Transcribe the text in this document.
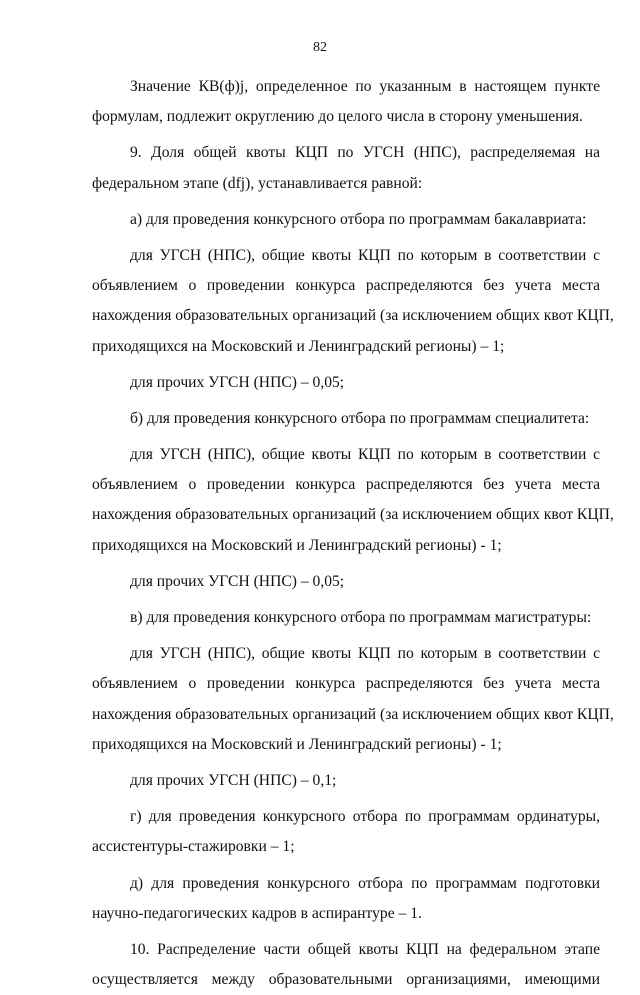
82
Значение КВ(ф)j, определенное по указанным в настоящем пункте
формулам, подлежит округлению до целого числа в сторону уменьшения.
9. Доля общей квоты КЦП по УГСН (НПС), распределяемая на
федеральном этапе (dfj), устанавливается равной:
а) для проведения конкурсного отбора по программам бакалавриата:
для УГСН (НПС), общие квоты КЦП по которым в соответствии с
объявлением о проведении конкурса распределяются без учета места
нахождения образовательных организаций (за исключением общих квот КЦП,
приходящихся на Московский и Ленинградский регионы) – 1;
для прочих УГСН (НПС) – 0,05;
б) для проведения конкурсного отбора по программам специалитета:
для УГСН (НПС), общие квоты КЦП по которым в соответствии с
объявлением о проведении конкурса распределяются без учета места
нахождения образовательных организаций (за исключением общих квот КЦП,
приходящихся на Московский и Ленинградский регионы) - 1;
для прочих УГСН (НПС) – 0,05;
в) для проведения конкурсного отбора по программам магистратуры:
для УГСН (НПС), общие квоты КЦП по которым в соответствии с
объявлением о проведении конкурса распределяются без учета места
нахождения образовательных организаций (за исключением общих квот КЦП,
приходящихся на Московский и Ленинградский регионы) - 1;
для прочих УГСН (НПС) – 0,1;
г) для проведения конкурсного отбора по программам ординатуры,
ассистентуры-стажировки – 1;
д) для проведения конкурсного отбора по программам подготовки
научно-педагогических кадров в аспирантуре – 1.
10. Распределение части общей квоты КЦП на федеральном этапе
осуществляется между образовательными организациями, имеющими
